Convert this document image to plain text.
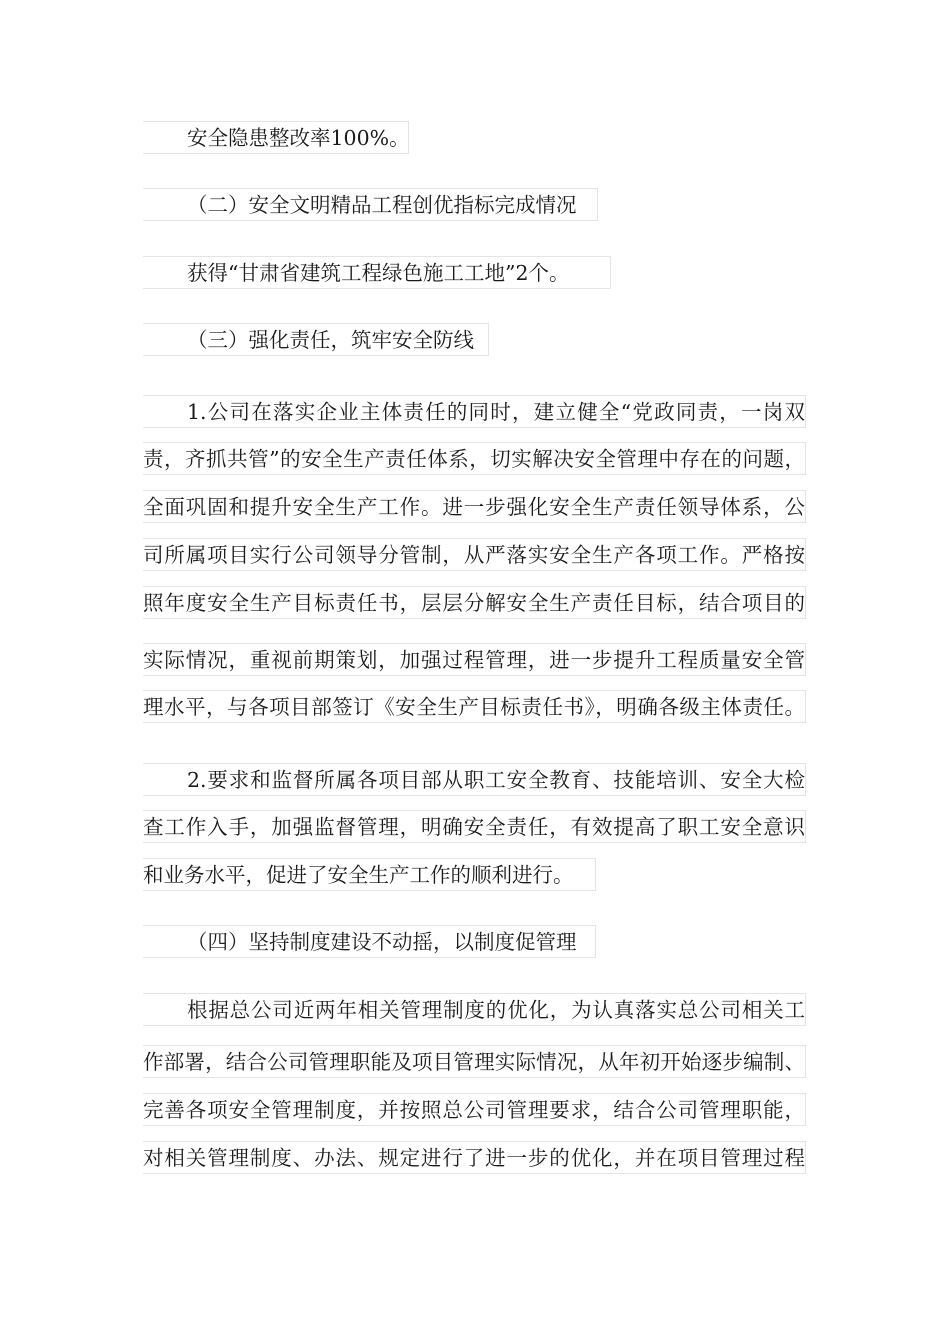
安全隐患整改率100%。
（二）安全文明精品工程创优指标完成情况
获得“甘肃省建筑工程绿色施工工地”2个。
（三）强化责任，筑牢安全防线
1.公司在落实企业主体责任的同时，建立健全“党政同责，一岗双
责，齐抓共管”的安全生产责任体系，切实解决安全管理中存在的问题，
全面巩固和提升安全生产工作。进一步强化安全生产责任领导体系，公
司所属项目实行公司领导分管制，从严落实安全生产各项工作。严格按
照年度安全生产目标责任书，层层分解安全生产责任目标，结合项目的
实际情况，重视前期策划，加强过程管理，进一步提升工程质量安全管
理水平，与各项目部签订《安全生产目标责任书》，明确各级主体责任。
2.要求和监督所属各项目部从职工安全教育、技能培训、安全大检
查工作入手，加强监督管理，明确安全责任，有效提高了职工安全意识
和业务水平，促进了安全生产工作的顺利进行。
（四）坚持制度建设不动摇，以制度促管理
根据总公司近两年相关管理制度的优化，为认真落实总公司相关工
作部署，结合公司管理职能及项目管理实际情况，从年初开始逐步编制、
完善各项安全管理制度，并按照总公司管理要求，结合公司管理职能，
对相关管理制度、办法、规定进行了进一步的优化，并在项目管理过程
